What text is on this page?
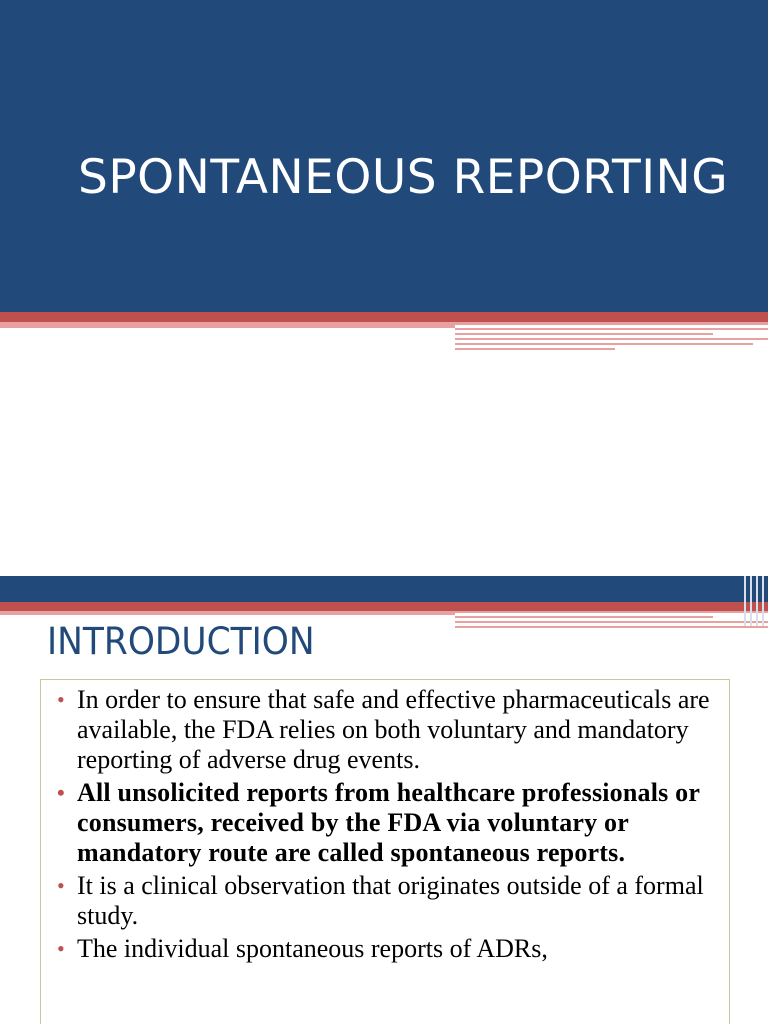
SPONTANEOUS REPORTING
INTRODUCTION
• In order to ensure that safe and effective pharmaceuticals are available, the FDA relies on both voluntary and mandatory reporting of adverse drug events.
• All unsolicited reports from healthcare professionals or consumers, received by the FDA via voluntary or mandatory route are called spontaneous reports.
• It is a clinical observation that originates outside of a formal study.
• The individual spontaneous reports of ADRs,
